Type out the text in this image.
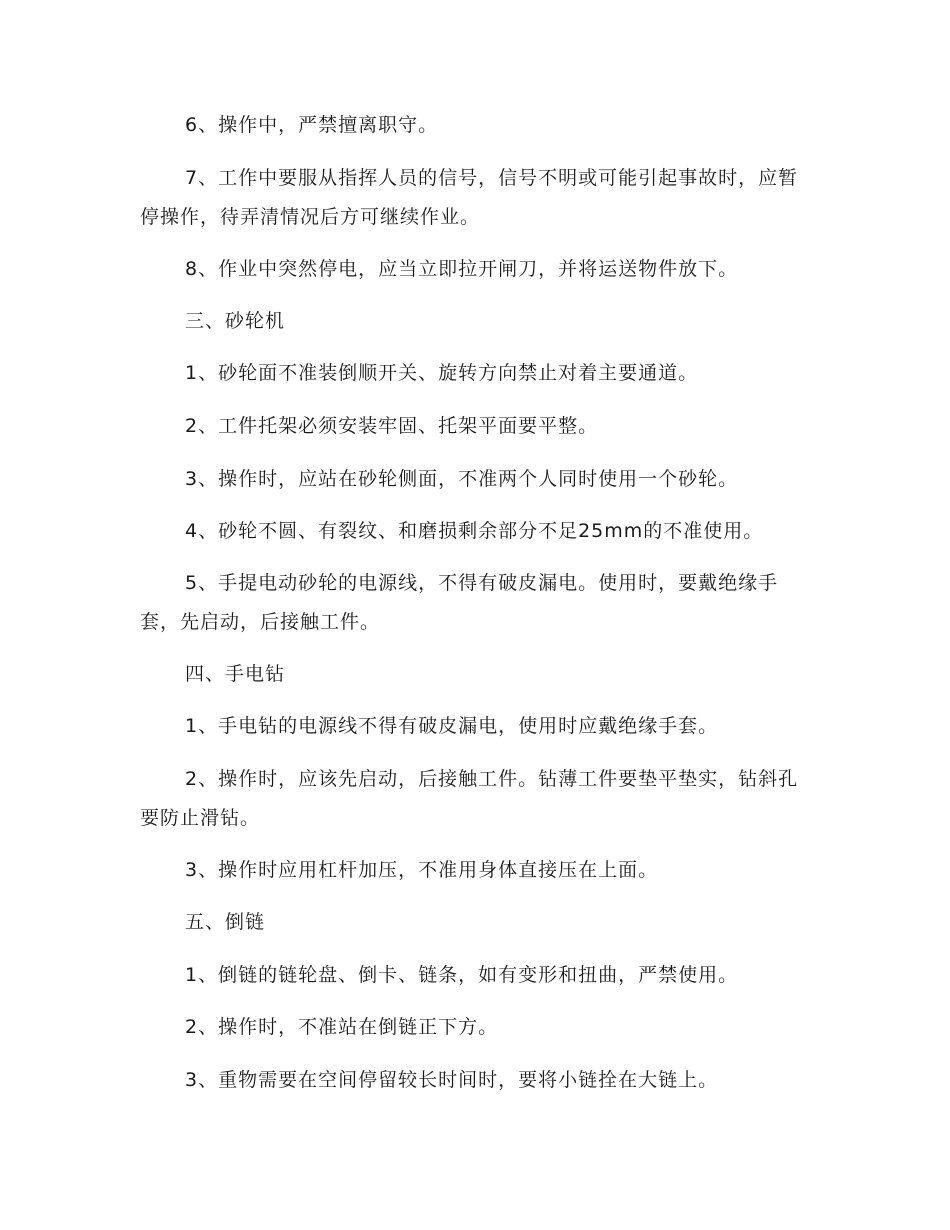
6、操作中，严禁擅离职守。

7、工作中要服从指挥人员的信号，信号不明或可能引起事故时，应暂停操作，待弄清情况后方可继续作业。

8、作业中突然停电，应当立即拉开闸刀，并将运送物件放下。

三、砂轮机

1、砂轮面不准装倒顺开关、旋转方向禁止对着主要通道。

2、工件托架必须安装牢固、托架平面要平整。

3、操作时，应站在砂轮侧面，不准两个人同时使用一个砂轮。

4、砂轮不圆、有裂纹、和磨损剩余部分不足25mm的不准使用。

5、手提电动砂轮的电源线，不得有破皮漏电。使用时，要戴绝缘手套，先启动，后接触工件。

四、手电钻

1、手电钻的电源线不得有破皮漏电，使用时应戴绝缘手套。

2、操作时，应该先启动，后接触工件。钻薄工件要垫平垫实，钻斜孔要防止滑钻。

3、操作时应用杠杆加压，不准用身体直接压在上面。

五、倒链

1、倒链的链轮盘、倒卡、链条，如有变形和扭曲，严禁使用。

2、操作时，不准站在倒链正下方。

3、重物需要在空间停留较长时间时，要将小链拴在大链上。
